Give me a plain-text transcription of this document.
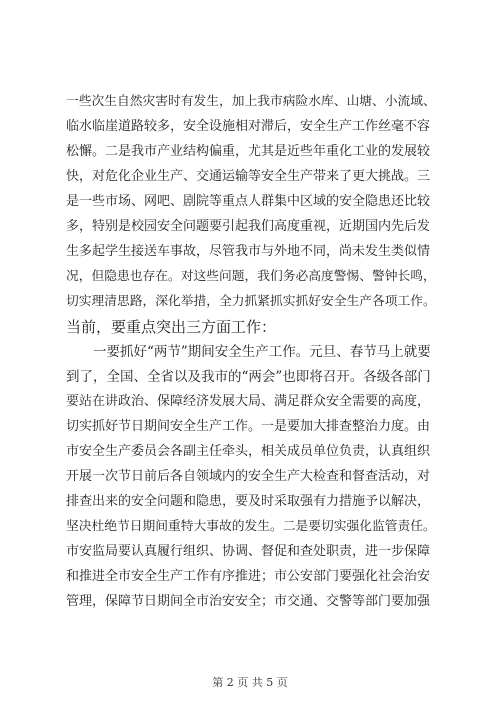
一些次生自然灾害时有发生，加上我市病险水库、山塘、小流域、
临水临崖道路较多，安全设施相对滞后，安全生产工作丝毫不容
松懈。二是我市产业结构偏重，尤其是近些年重化工业的发展较
快，对危化企业生产、交通运输等安全生产带来了更大挑战。三
是一些市场、网吧、剧院等重点人群集中区域的安全隐患还比较
多，特别是校园安全问题要引起我们高度重视，近期国内先后发
生多起学生接送车事故，尽管我市与外地不同，尚未发生类似情
况，但隐患也存在。对这些问题，我们务必高度警惕、警钟长鸣，
切实理清思路，深化举措，全力抓紧抓实抓好安全生产各项工作。
当前，要重点突出三方面工作：
　　一要抓好“两节”期间安全生产工作。元旦、春节马上就要
到了，全国、全省以及我市的“两会”也即将召开。各级各部门
要站在讲政治、保障经济发展大局、满足群众安全需要的高度，
切实抓好节日期间安全生产工作。一是要加大排查整治力度。由
市安全生产委员会各副主任牵头，相关成员单位负责，认真组织
开展一次节日前后各自领域内的安全生产大检查和督查活动，对
排查出来的安全问题和隐患，要及时采取强有力措施予以解决，
坚决杜绝节日期间重特大事故的发生。二是要切实强化监管责任。
市安监局要认真履行组织、协调、督促和查处职责，进一步保障
和推进全市安全生产工作有序推进；市公安部门要强化社会治安
管理，保障节日期间全市治安安全；市交通、交警等部门要加强
第 2 页 共 5 页
